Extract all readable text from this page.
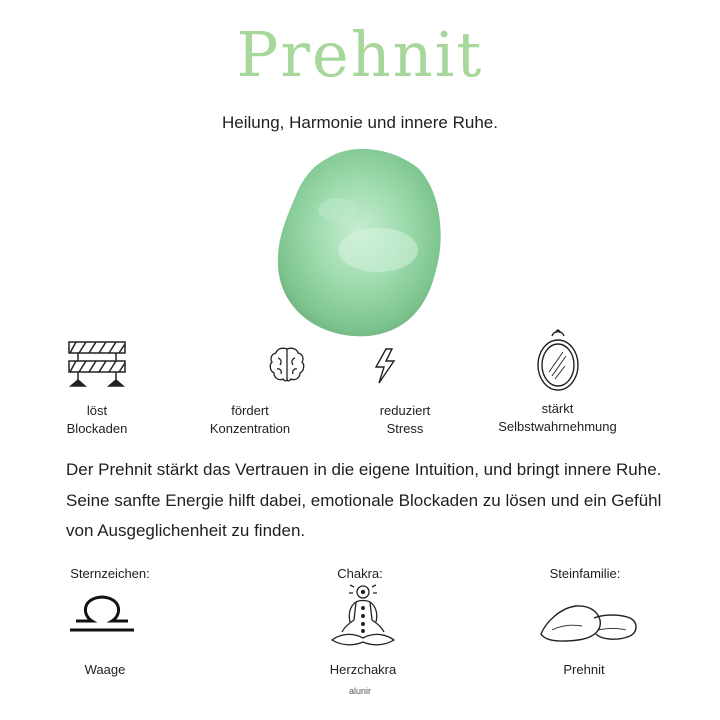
Prehnit
Heilung, Harmonie und innere Ruhe.
löst
Blockaden
fördert
Konzentration
reduziert
Stress
stärkt
Selbstwahrnehmung
Der Prehnit stärkt das Vertrauen in die eigene Intuition, und bringt innere Ruhe. Seine sanfte Energie hilft dabei, emotionale Blockaden zu lösen und ein Gefühl von Ausgeglichenheit zu finden.
Sternzeichen:	Chakra:	Steinfamilie:
Waage	Herzchakra	Prehnit
alunir
